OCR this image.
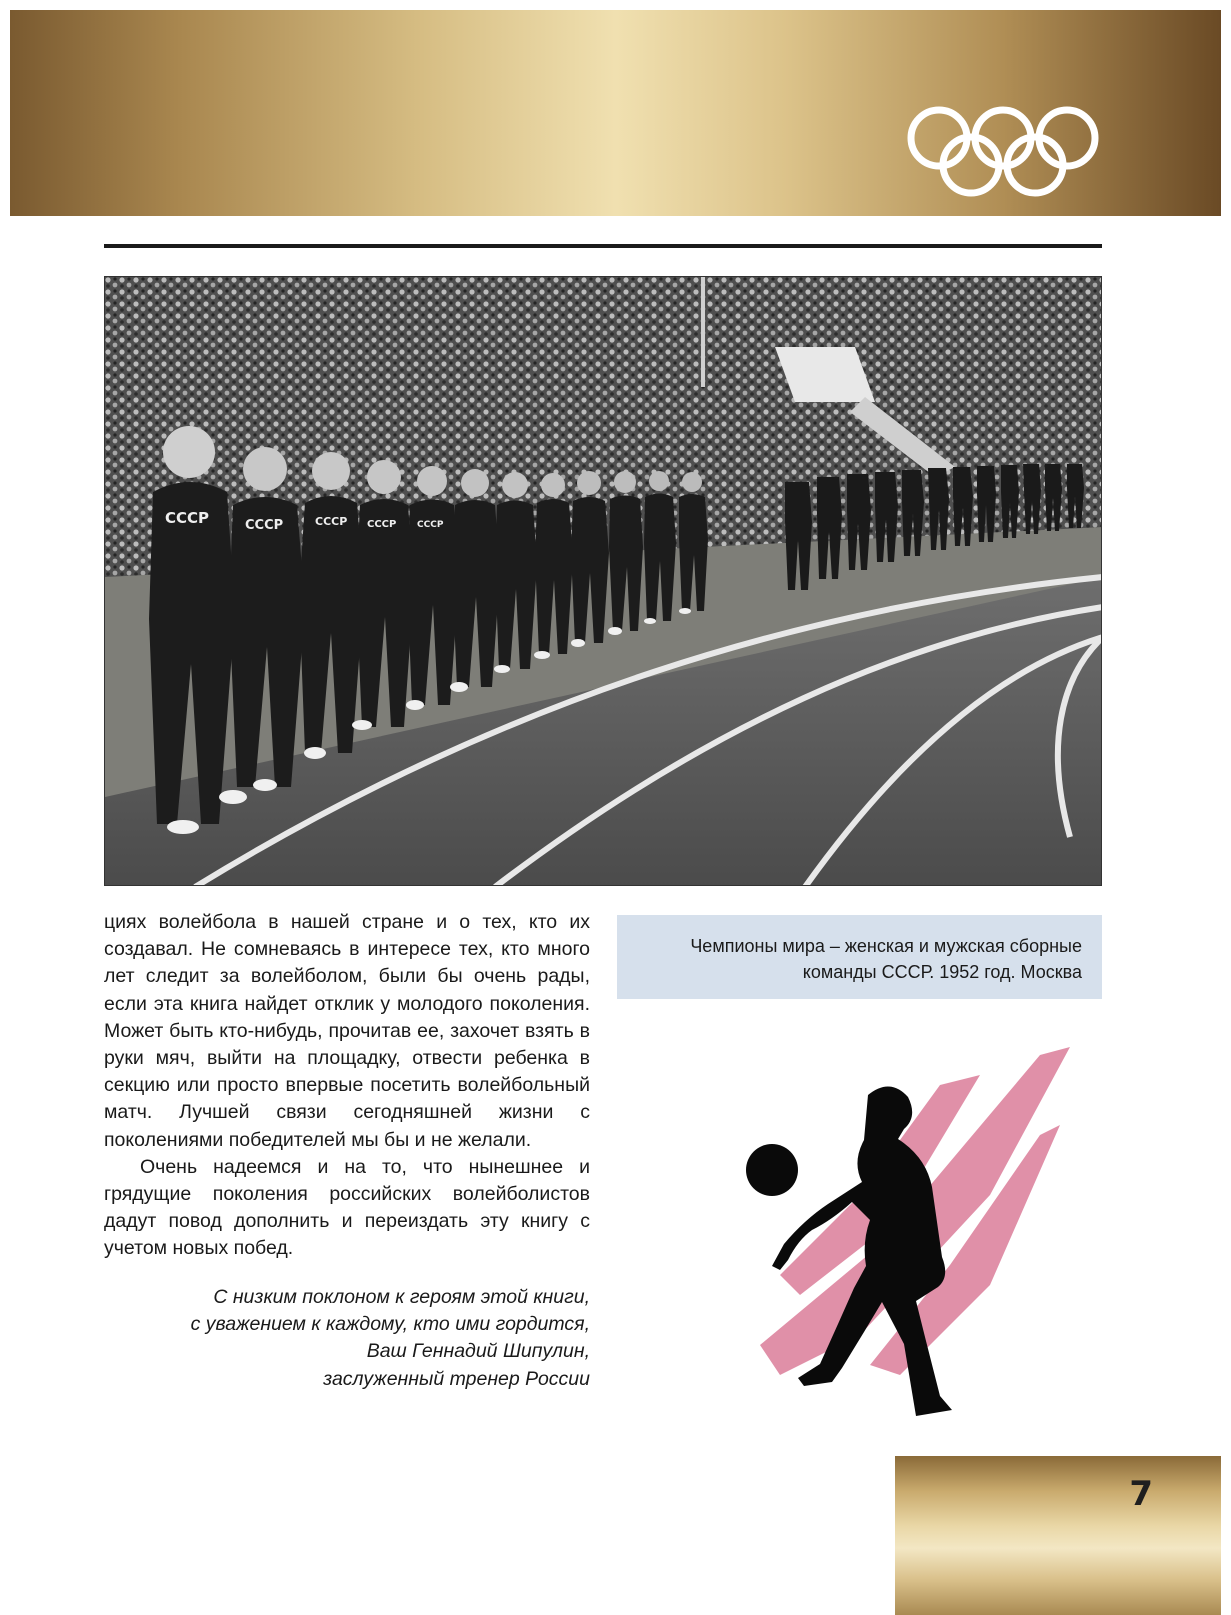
СССР	СССР	СССР СССР СССР

циях волейбола в нашей стране и о тех, кто их создавал. Не сомневаясь в интересе тех, кто много лет следит за волейболом, были бы очень рады, если эта книга найдет отклик у молодого поколения. Может быть кто-нибудь, прочитав ее, захочет взять в руки мяч, выйти на площадку, отвести ребенка в секцию или просто впервые посетить волейбольный матч. Лучшей связи сегодняшней жизни с поколениями победителей мы бы и не желали.

Очень надеемся и на то, что нынешнее и грядущие поколения российских волейболистов дадут повод дополнить и переиздать эту книгу с учетом новых побед.

С низким поклоном к героям этой книги,
с уважением к каждому, кто ими гордится,
Ваш Геннадий Шипулин,
заслуженный тренер России
Чемпионы мира – женская и мужская сборные
команды СССР. 1952 год. Москва
7
